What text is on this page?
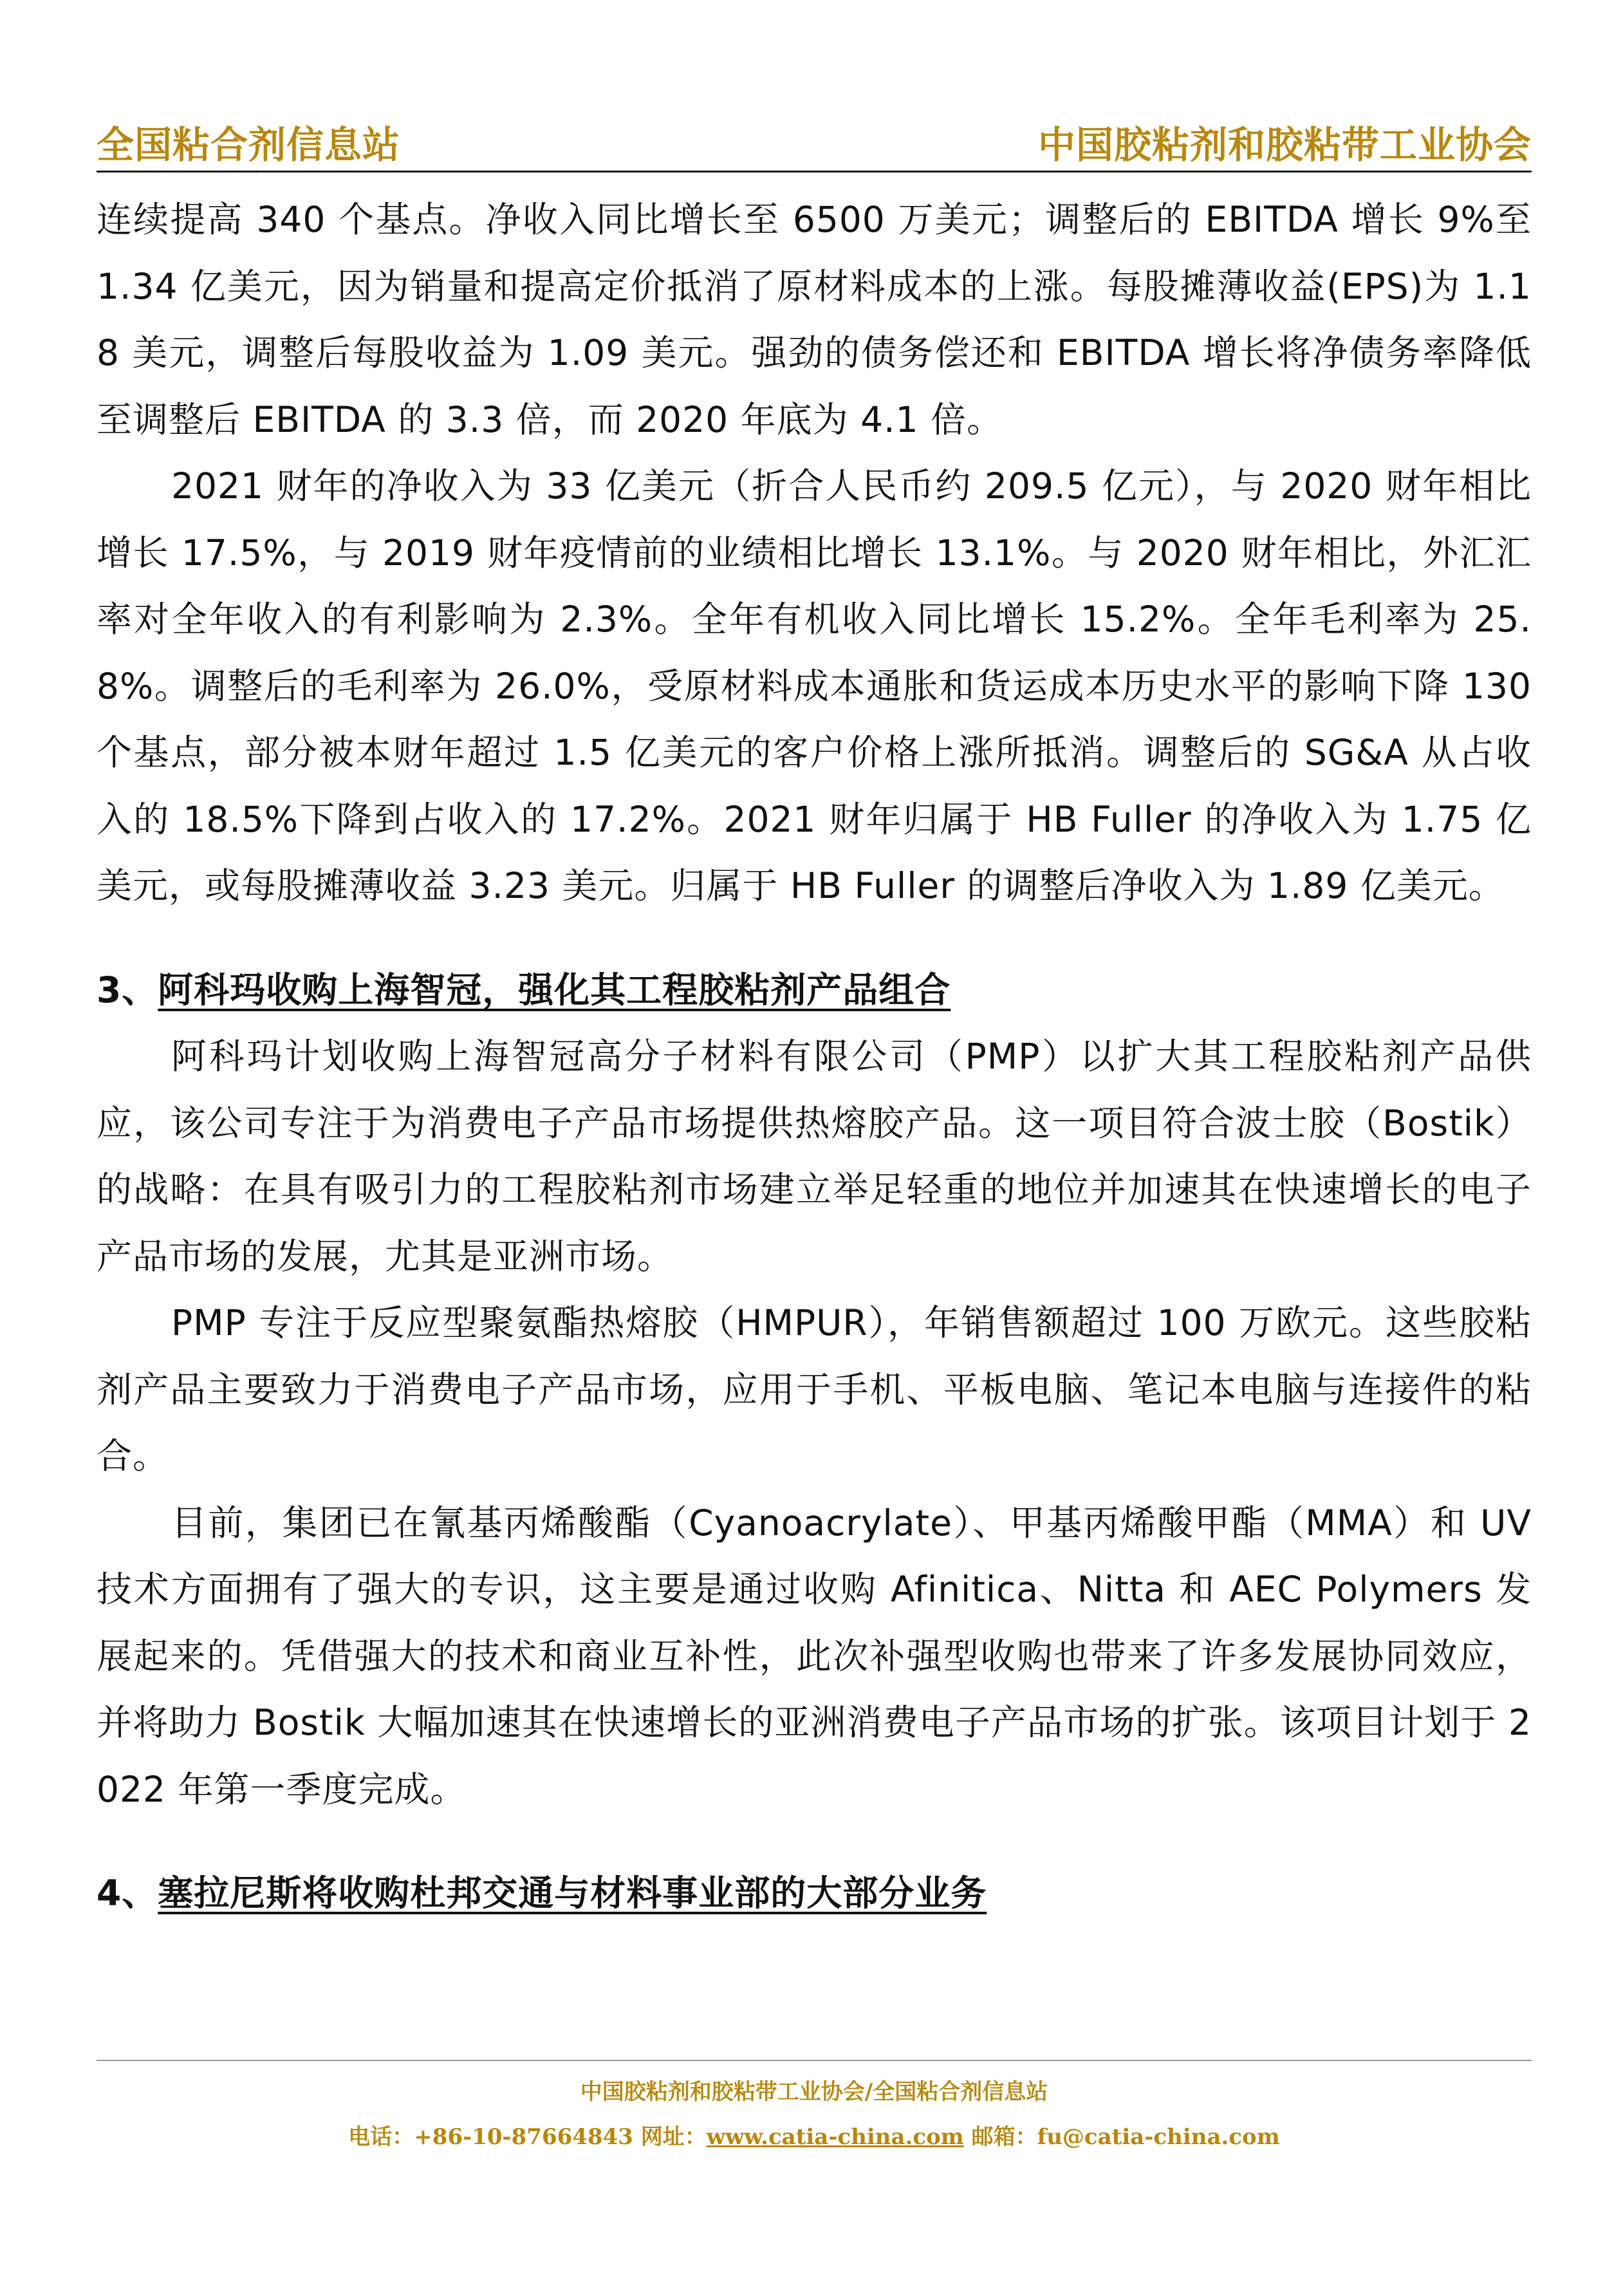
全国粘合剂信息站	中国胶粘剂和胶粘带工业协会

连续提高 340 个基点。净收入同比增长至 6500 万美元；调整后的 EBITDA 增长 9%至 1.34 亿美元，因为销量和提高定价抵消了原材料成本的上涨。每股摊薄收益(EPS)为 1.18 美元，调整后每股收益为 1.09 美元。强劲的债务偿还和 EBITDA 增长将净债务率降低至调整后 EBITDA 的 3.3 倍，而 2020 年底为 4.1 倍。

2021 财年的净收入为 33 亿美元（折合人民币约 209.5 亿元），与 2020 财年相比增长 17.5%，与 2019 财年疫情前的业绩相比增长 13.1%。与 2020 财年相比，外汇汇率对全年收入的有利影响为 2.3%。全年有机收入同比增长 15.2%。全年毛利率为 25.8%。调整后的毛利率为 26.0%，受原材料成本通胀和货运成本历史水平的影响下降 130 个基点，部分被本财年超过 1.5 亿美元的客户价格上涨所抵消。调整后的 SG&A 从占收入的 18.5%下降到占收入的 17.2%。2021 财年归属于 HB Fuller 的净收入为 1.75 亿美元，或每股摊薄收益 3.23 美元。归属于 HB Fuller 的调整后净收入为 1.89 亿美元。

3、阿科玛收购上海智冠，强化其工程胶粘剂产品组合

阿科玛计划收购上海智冠高分子材料有限公司（PMP）以扩大其工程胶粘剂产品供应，该公司专注于为消费电子产品市场提供热熔胶产品。这一项目符合波士胶（Bostik）的战略：在具有吸引力的工程胶粘剂市场建立举足轻重的地位并加速其在快速增长的电子产品市场的发展，尤其是亚洲市场。

PMP 专注于反应型聚氨酯热熔胶（HMPUR），年销售额超过 100 万欧元。这些胶粘剂产品主要致力于消费电子产品市场，应用于手机、平板电脑、笔记本电脑与连接件的粘合。

目前，集团已在氰基丙烯酸酯（Cyanoacrylate）、甲基丙烯酸甲酯（MMA）和 UV 技术方面拥有了强大的专识，这主要是通过收购 Afinitica、Nitta 和 AEC Polymers 发展起来的。凭借强大的技术和商业互补性，此次补强型收购也带来了许多发展协同效应，并将助力 Bostik 大幅加速其在快速增长的亚洲消费电子产品市场的扩张。该项目计划于 2022 年第一季度完成。

4、塞拉尼斯将收购杜邦交通与材料事业部的大部分业务
中国胶粘剂和胶粘带工业协会/全国粘合剂信息站
电话：+86-10-87664843 网址：www.catia-china.com 邮箱：fu@catia-china.com
